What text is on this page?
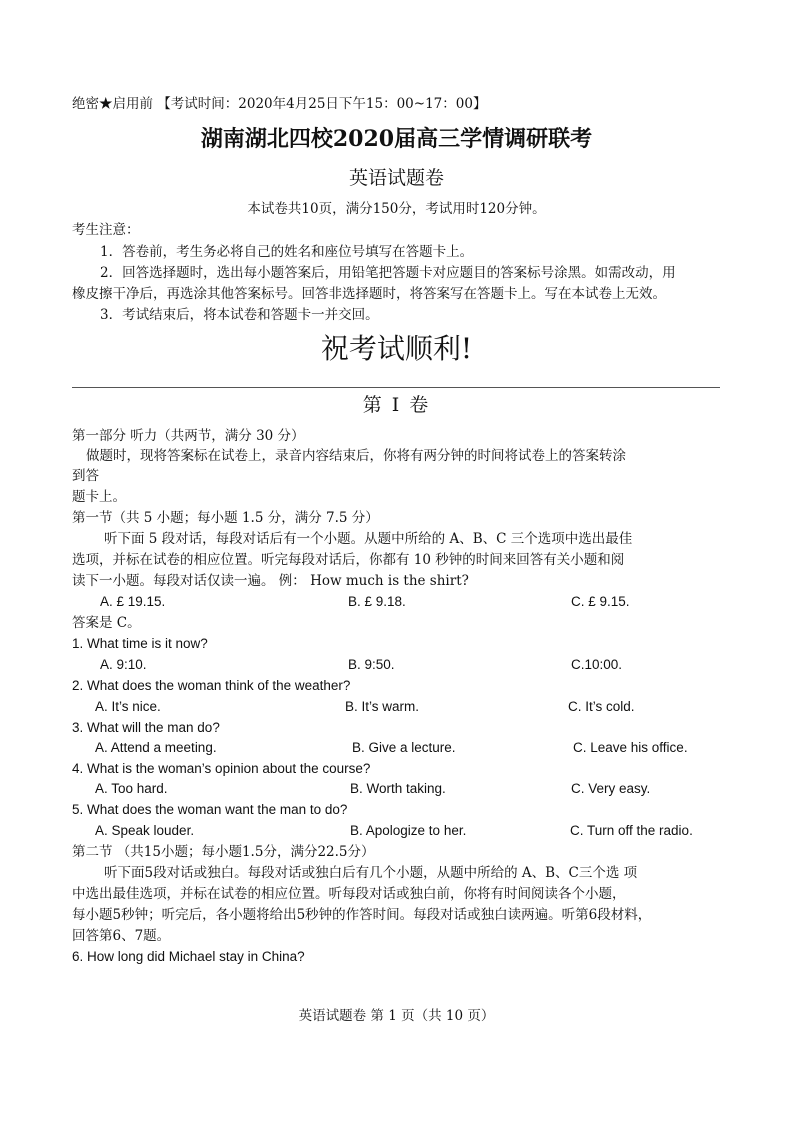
绝密★启用前 【考试时间：2020年4月25日下午15：00~17：00】
湖南湖北四校2020届高三学情调研联考
英语试题卷
本试卷共10页，满分150分，考试用时120分钟。
考生注意：
1．答卷前，考生务必将自己的姓名和座位号填写在答题卡上。
2．回答选择题时，选出每小题答案后，用铅笔把答题卡对应题目的答案标号涂黑。如需改动，用
橡皮擦干净后，再选涂其他答案标号。回答非选择题时，将答案写在答题卡上。写在本试卷上无效。
3．考试结束后，将本试卷和答题卡一并交回。
祝考试顺利!
第 I 卷
第一部分 听力（共两节，满分 30 分）
做题时，现将答案标在试卷上，录音内容结束后，你将有两分钟的时间将试卷上的答案转涂
到答
题卡上。
第一节（共 5 小题；每小题 1.5 分，满分 7.5 分）
听下面 5 段对话，每段对话后有一个小题。从题中所给的 A、B、C 三个选项中选出最佳
选项，并标在试卷的相应位置。听完每段对话后，你都有 10 秒钟的时间来回答有关小题和阅
读下一小题。每段对话仅读一遍。 例： How much is the shirt?
A. £ 19.15.	B. £ 9.18.	C. £ 9.15.
答案是 C。
1. What time is it now?
A. 9:10.	B. 9:50.	C.10:00.
2. What does the woman think of the weather?
A. It’s nice.	B. It’s warm.	C. It’s cold.
3. What will the man do?
A. Attend a meeting.	B. Give a lecture.	C. Leave his office.
4. What is the woman’s opinion about the course?
A. Too hard.	B. Worth taking.	C. Very easy.
5. What does the woman want the man to do?
A. Speak louder.	B. Apologize to her.	C. Turn off the radio.
第二节 （共15小题；每小题1.5分，满分22.5分）
听下面5段对话或独白。每段对话或独白后有几个小题，从题中所给的 A、B、C三个选 项
中选出最佳选项，并标在试卷的相应位置。听每段对话或独白前，你将有时间阅读各个小题，
每小题5秒钟；听完后，各小题将给出5秒钟的作答时间。每段对话或独白读两遍。听第6段材料，
回答第6、7题。
6. How long did Michael stay in China?
英语试题卷 第 1 页（共 10 页）
